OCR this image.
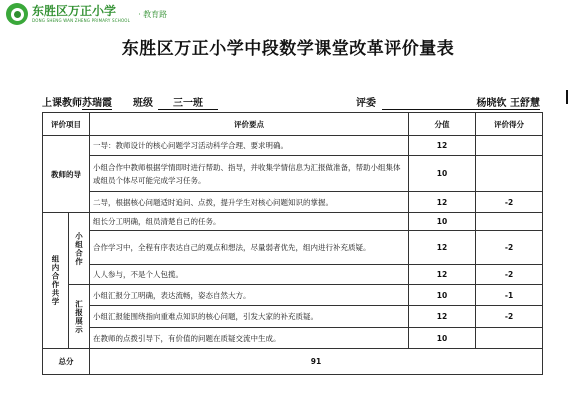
东胜区万正小学
DONG SHENG WAN ZHENG PRIMARY SCHOOL
· 教育路
东胜区万正小学中段数学课堂改革评价量表
上课教师苏瑞霞 班级	三一班	评委	杨晓钦 王舒慧
评价项目		评价要点	分值	评价得分
教师的导		一导：教师设计的核心问题学习活动科学合理、要求明确。	12	
		小组合作中教师根据学情即时进行帮助、指导，并收集学情信息为汇报做准备，帮助小组集体或组员个体尽可能完成学习任务。	10	
		二导，根据核心问题适时追问、点拨，提升学生对核心问题知识的掌握。	12	-2
组内合作共学	小组合作	组长分工明确，组员清楚自己的任务。	10	
		合作学习中，全程有序表达自己的观点和想法，尽量弱者优先，组内进行补充质疑。	12	-2
		人人参与，不是个人包揽。	12	-2
	汇报展示	小组汇报分工明确，表达流畅，姿态自然大方。	10	-1
		小组汇报能围绕指向重难点知识的核心问题，引发大家的补充质疑。	12	-2
		在教师的点拨引导下，有价值的问题在质疑交流中生成。	10	
总分		91		
